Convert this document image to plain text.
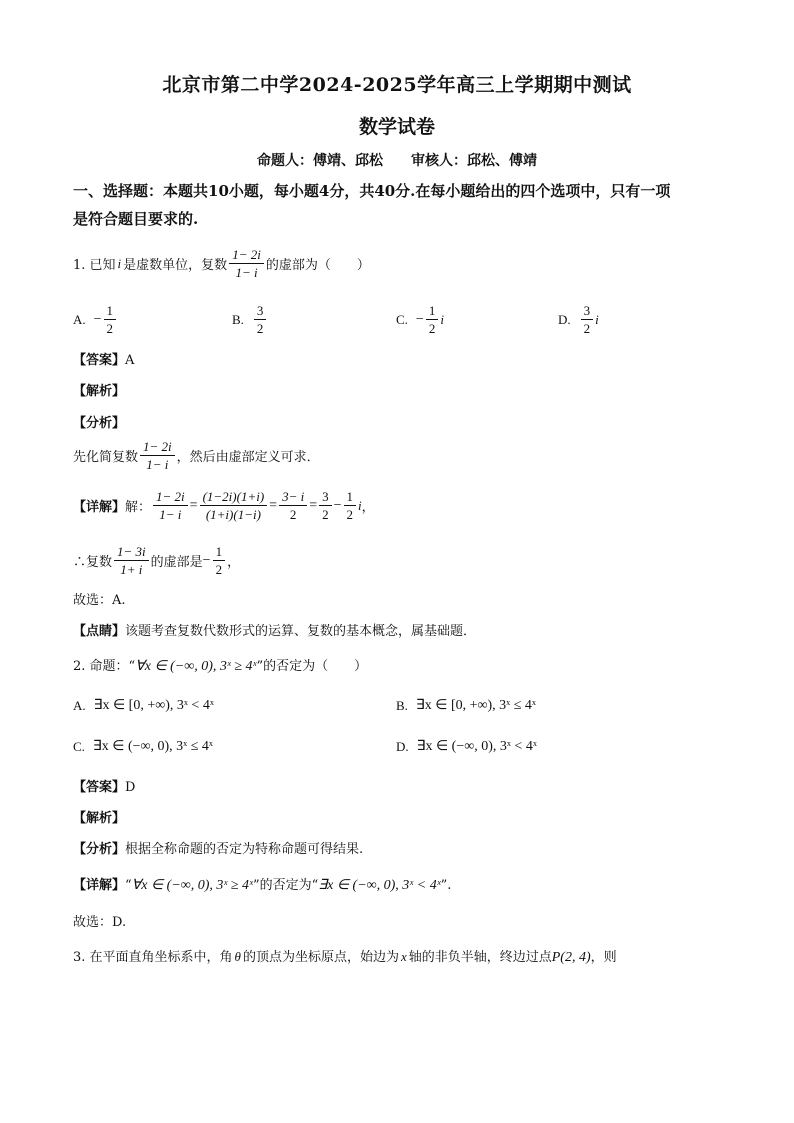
北京市第二中学2024-2025学年高三上学期期中测试
数学试卷
命题人：傅靖、邱松　　审核人：邱松、傅靖
一、选择题：本题共10小题，每小题4分，共40分.在每小题给出的四个选项中，只有一项
是符合题目要求的.
1. 已知 i 是虚数单位，复数 $\frac{1- 2i}{1- i}$ 的虚部为（　　）
A. − $\frac{1}{2}$	B. $\frac{3}{2}$	C. − $\frac{1}{2}$ i	D. $\frac{3}{2}$ i
【答案】A
【解析】
【分析】
先化简复数 $\frac{1- 2i}{1- i}$ ，然后由虚部定义可求．
【详解】 解： $\frac{1- 2i}{1- i} = \frac{(1-2i)(1+i)}{(1+i)(1-i)} = \frac{3- i}{2} = \frac{3}{2} - \frac{1}{2}$ i ，
∴复数 $\frac{1- 3i}{1+ i}$ 的虚部是 − $\frac{1}{2}$ ，
故选：A.
【点睛】该题考查复数代数形式的运算、复数的基本概念，属基础题．
2. 命题：“∀x ∈ (−∞, 0), 3ˣ ≥ 4ˣ”的否定为（　　）
A. ∃x ∈ [0, +∞), 3ˣ < 4ˣ	B. ∃x ∈ [0, +∞), 3ˣ ≤ 4ˣ
C. ∃x ∈ (−∞, 0), 3ˣ ≤ 4ˣ	D. ∃x ∈ (−∞, 0), 3ˣ < 4ˣ
【答案】D
【解析】
【分析】根据全称命题的否定为特称命题可得结果.
【详解】“∀x ∈ (−∞, 0), 3ˣ ≥ 4ˣ”的否定为“∃x ∈ (−∞, 0), 3ˣ < 4ˣ”.
故选：D.
3. 在平面直角坐标系中，角 θ 的顶点为坐标原点，始边为 x 轴的非负半轴，终边过点P(2, 4)，则
